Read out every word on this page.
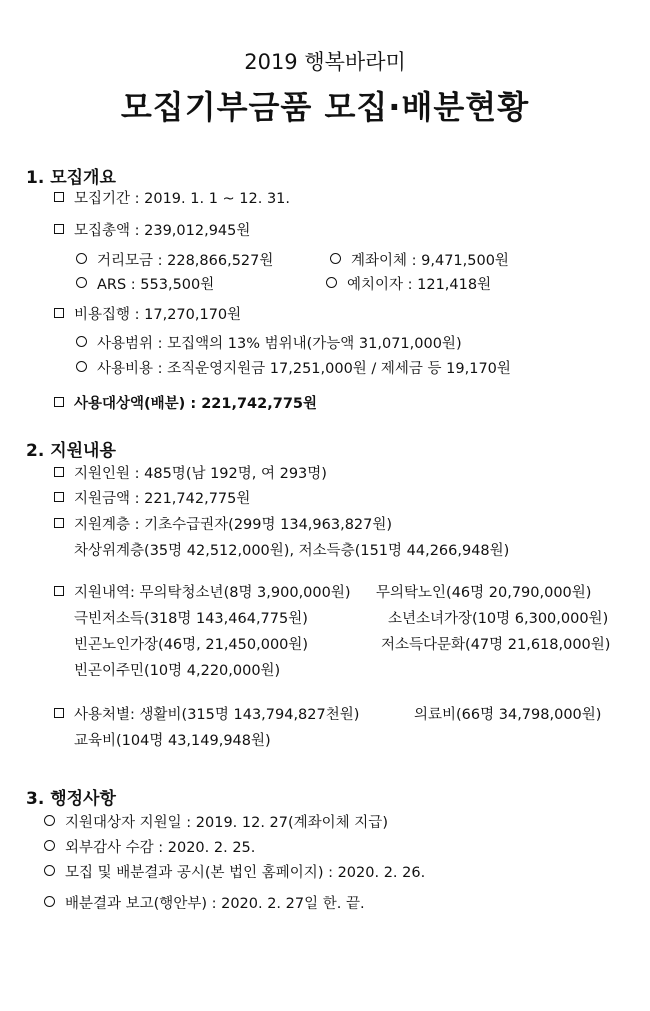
2019 행복바라미
모집기부금품 모집·배분현황
1. 모집개요
모집기간 : 2019. 1. 1 ~ 12. 31.
모집총액 : 239,012,945원
거리모금 : 228,866,527원	계좌이체 : 9,471,500원
ARS : 553,500원	예치이자 : 121,418원
비용집행 : 17,270,170원
사용범위 : 모집액의 13% 범위내(가능액 31,071,000원)
사용비용 : 조직운영지원금 17,251,000원 / 제세금 등 19,170원
사용대상액(배분) : 221,742,775원
2. 지원내용
지원인원 : 485명(남 192명, 여 293명)
지원금액 : 221,742,775원
지원계층 : 기초수급권자(299명 134,963,827원)
차상위계층(35명 42,512,000원), 저소득층(151명 44,266,948원)
지원내역: 무의탁청소년(8명 3,900,000원) 무의탁노인(46명 20,790,000원)
극빈저소득(318명 143,464,775원)	소년소녀가장(10명 6,300,000원)
빈곤노인가장(46명, 21,450,000원)	저소득다문화(47명 21,618,000원)
빈곤이주민(10명 4,220,000원)
사용처별: 생활비(315명 143,794,827천원)	의료비(66명 34,798,000원)
교육비(104명 43,149,948원)
3. 행정사항
지원대상자 지원일 : 2019. 12. 27(계좌이체 지급)
외부감사 수감 : 2020. 2. 25.
모집 및 배분결과 공시(본 법인 홈페이지) : 2020. 2. 26.
배분결과 보고(행안부) : 2020. 2. 27일 한. 끝.
